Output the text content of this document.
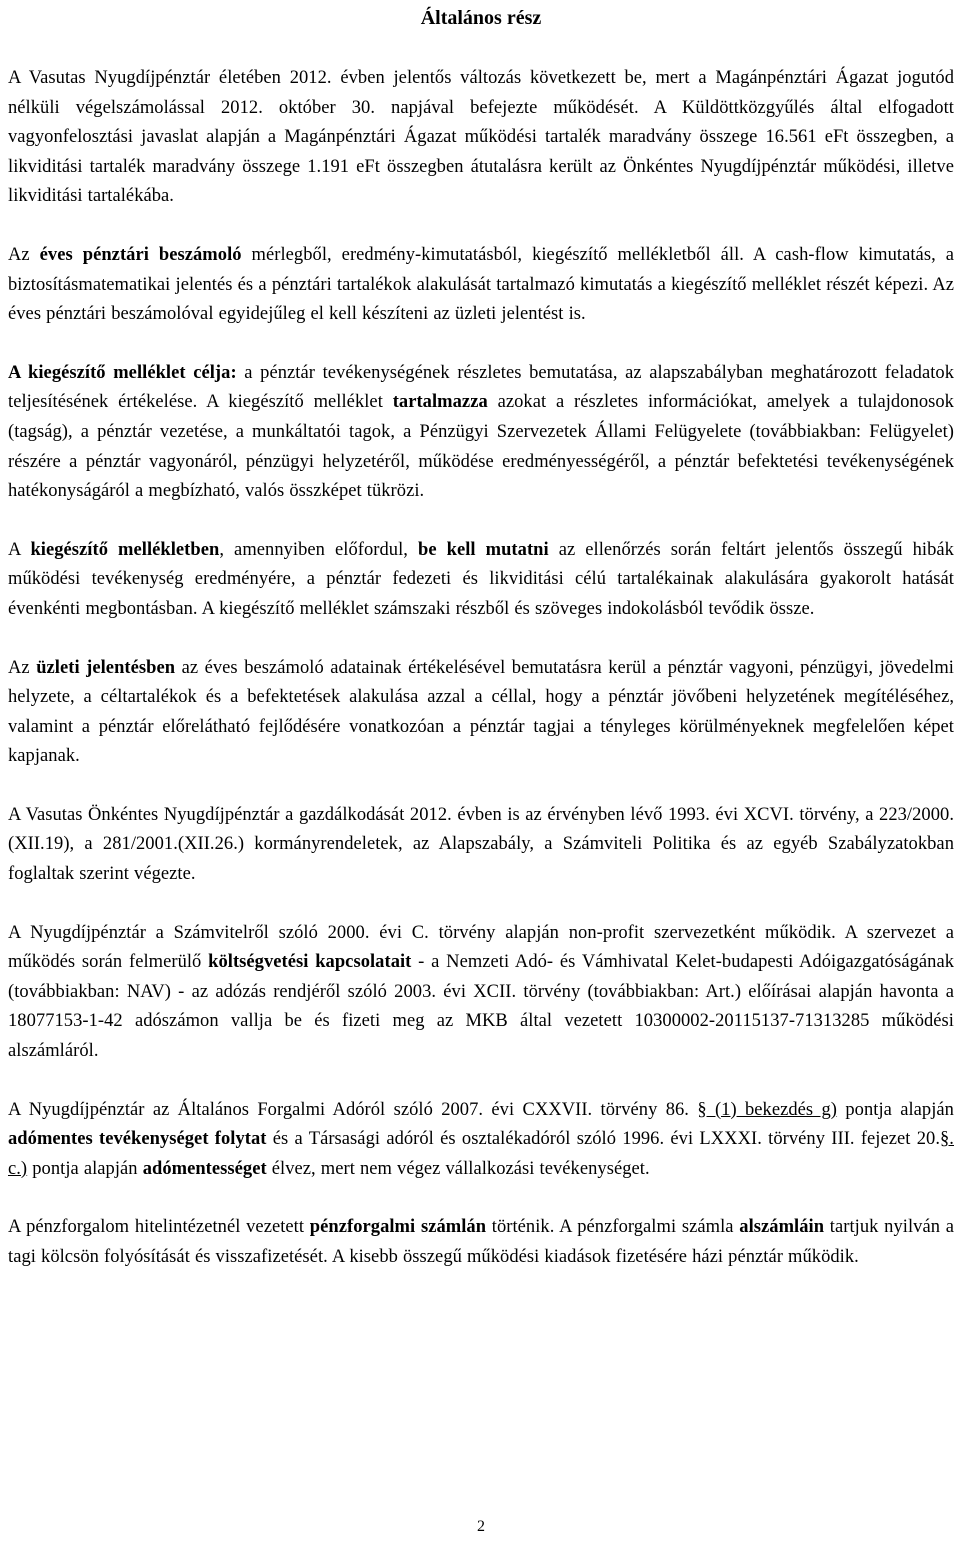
Általános rész

A Vasutas Nyugdíjpénztár életében 2012. évben jelentős változás következett be, mert a Magánpénztári Ágazat jogutód nélküli végelszámolással 2012. október 30. napjával befejezte működését. A Küldöttközgyűlés által elfogadott vagyonfelosztási javaslat alapján a Magánpénztári Ágazat működési tartalék maradvány összege 16.561 eFt összegben, a likviditási tartalék maradvány összege 1.191 eFt összegben átutalásra került az Önkéntes Nyugdíjpénztár működési, illetve likviditási tartalékába.

Az éves pénztári beszámoló mérlegből, eredmény-kimutatásból, kiegészítő mellékletből áll. A cash-flow kimutatás, a biztosításmatematikai jelentés és a pénztári tartalékok alakulását tartalmazó kimutatás a kiegészítő melléklet részét képezi. Az éves pénztári beszámolóval egyidejűleg el kell készíteni az üzleti jelentést is.

A kiegészítő melléklet célja: a pénztár tevékenységének részletes bemutatása, az alapszabályban meghatározott feladatok teljesítésének értékelése. A kiegészítő melléklet tartalmazza azokat a részletes információkat, amelyek a tulajdonosok (tagság), a pénztár vezetése, a munkáltatói tagok, a Pénzügyi Szervezetek Állami Felügyelete (továbbiakban: Felügyelet) részére a pénztár vagyonáról, pénzügyi helyzetéről, működése eredményességéről, a pénztár befektetési tevékenységének hatékonyságáról a megbízható, valós összképet tükrözi.

A kiegészítő mellékletben, amennyiben előfordul, be kell mutatni az ellenőrzés során feltárt jelentős összegű hibák működési tevékenység eredményére, a pénztár fedezeti és likviditási célú tartalékainak alakulására gyakorolt hatását évenkénti megbontásban. A kiegészítő melléklet számszaki részből és szöveges indokolásból tevődik össze.

Az üzleti jelentésben az éves beszámoló adatainak értékelésével bemutatásra kerül a pénztár vagyoni, pénzügyi, jövedelmi helyzete, a céltartalékok és a befektetések alakulása azzal a céllal, hogy a pénztár jövőbeni helyzetének megítéléséhez, valamint a pénztár előrelátható fejlődésére vonatkozóan a pénztár tagjai a tényleges körülményeknek megfelelően képet kapjanak.

A Vasutas Önkéntes Nyugdíjpénztár a gazdálkodását 2012. évben is az érvényben lévő 1993. évi XCVI. törvény, a 223/2000.(XII.19), a 281/2001.(XII.26.) kormányrendeletek, az Alapszabály, a Számviteli Politika és az egyéb Szabályzatokban foglaltak szerint végezte.

A Nyugdíjpénztár a Számvitelről szóló 2000. évi C. törvény alapján non-profit szervezetként működik. A szervezet a működés során felmerülő költségvetési kapcsolatait - a Nemzeti Adó- és Vámhivatal Kelet-budapesti Adóigazgatóságának (továbbiakban: NAV) - az adózás rendjéről szóló 2003. évi XCII. törvény (továbbiakban: Art.) előírásai alapján havonta a 18077153-1-42 adószámon vallja be és fizeti meg az MKB által vezetett 10300002-20115137-71313285 működési alszámláról.

A Nyugdíjpénztár az Általános Forgalmi Adóról szóló 2007. évi CXXVII. törvény 86. § (1) bekezdés g) pontja alapján adómentes tevékenységet folytat és a Társasági adóról és osztalékadóról szóló 1996. évi LXXXI. törvény III. fejezet 20.§. c.) pontja alapján adómentességet élvez, mert nem végez vállalkozási tevékenységet.

A pénzforgalom hitelintézetnél vezetett pénzforgalmi számlán történik. A pénzforgalmi számla alszámláin tartjuk nyilván a tagi kölcsön folyósítását és visszafizetését. A kisebb összegű működési kiadások fizetésére házi pénztár működik.

2
